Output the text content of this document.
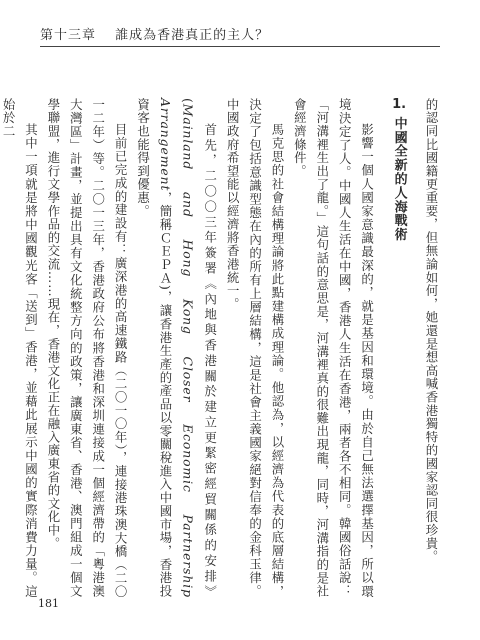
第十三章 誰成為香港真正的主人？

的認同比國籍更重要，但無論如何，她還是想高喊香港獨特的國家認同很珍貴。

1. 中國全新的人海戰術

影響一個人國家意識最深的，就是基因和環境。由於自己無法選擇基因，所以環境決定了人。中國人生活在中國，香港人生活在香港，兩者各不相同。韓國俗話說：「河溝裡生出了龍。」這句話的意思是，河溝裡真的很難出現龍，同時，河溝指的是社會經濟條件。

馬克思的社會結構理論將此點建構成理論。他認為，以經濟為代表的底層結構，決定了包括意識型態在內的所有上層結構，這是社會主義國家絕對信奉的金科玉律。中國政府希望能以經濟將香港統一。

首先，二〇〇三年簽署《內地與香港關於建立更緊密經貿關係的安排》(Mainland and Hong Kong Closer Economic Partnership Arrangement，簡稱ＣＥＰＡ)，讓香港生產的產品以零關稅進入中國市場，香港投資客也能得到優惠。

目前已完成的建設有：廣深港的高速鐵路（二〇一〇年），連接港珠澳大橋（二〇一二年）等。二〇一三年，香港政府公布將香港和深圳連接成一個經濟帶的「粵港澳大灣區」計畫，並提出具有文化統整方向的政策，讓廣東省、香港、澳門組成一個文學聯盟，進行文學作品的交流……現在，香港文化正在融入廣東省的文化中。

其中一項就是將中國觀光客「送到」香港，並藉此展示中國的實際消費力量。這始於二

181
